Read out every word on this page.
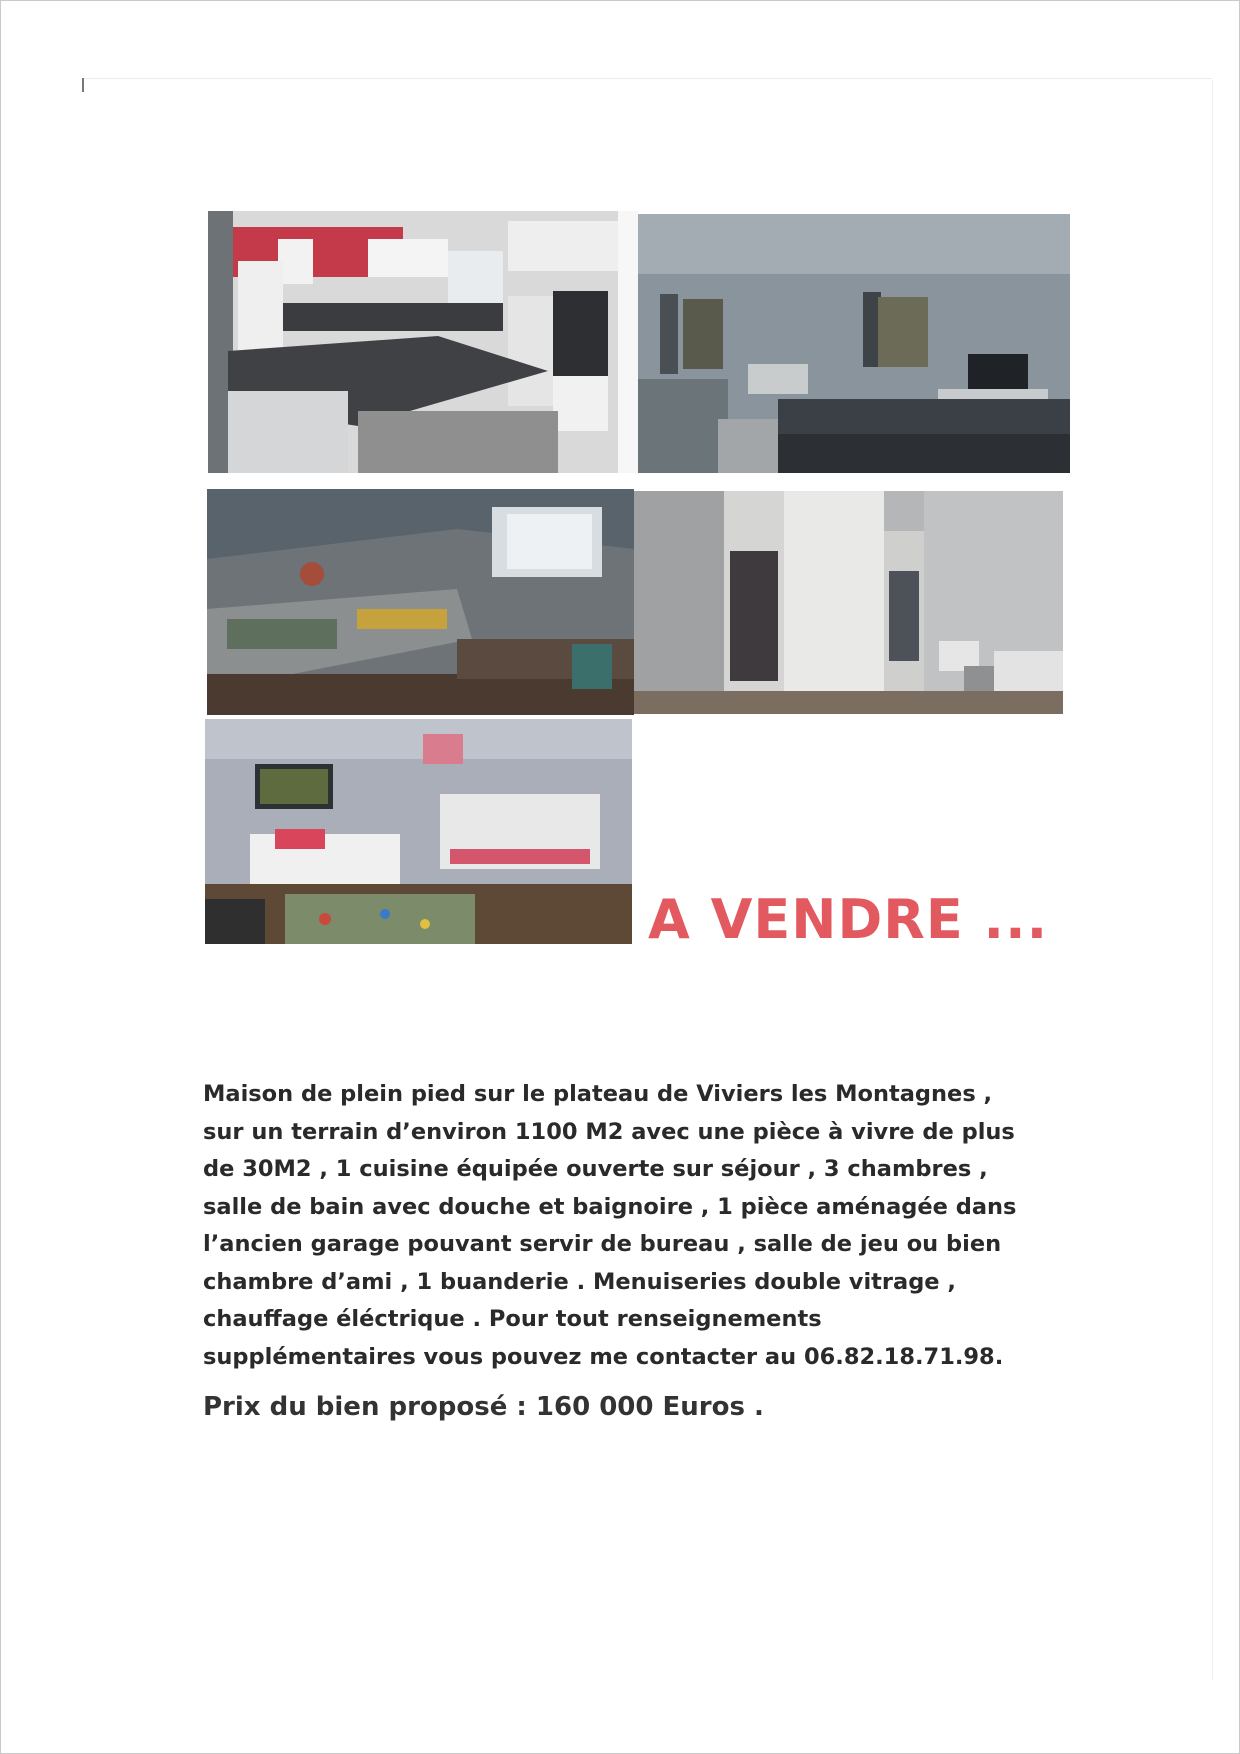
A VENDRE ...

Maison de plein pied sur le plateau de Viviers les Montagnes ,
sur un terrain d’environ 1100 M2 avec une pièce à vivre de plus
de 30M2 , 1 cuisine équipée ouverte sur séjour , 3 chambres ,
salle de bain avec douche et baignoire , 1 pièce aménagée dans
l’ancien garage pouvant servir de bureau , salle de jeu ou bien
chambre d’ami , 1 buanderie . Menuiseries double vitrage ,
chauffage éléctrique . Pour tout renseignements
supplémentaires vous pouvez me contacter au 06.82.18.71.98.

Prix du bien proposé : 160 000 Euros .
